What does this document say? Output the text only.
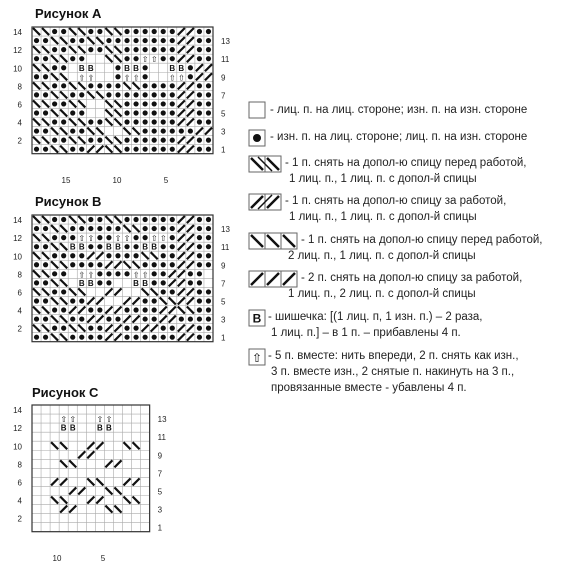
Рисунок А
Рисунок В
Рисунок С
⇧ ⇧
B B	B B	B B
⇧ ⇧	⇧ ⇧	⇧ ⇧
14
12
10
8
6
4
2
13
11
9
7
5
3
1
15	10	5
⇧ ⇧	⇧ ⇧	⇧ ⇧
B B	B B	B B
⇧ ⇧	⇧ ⇧
B B	B B
14
12
10
8
6
4
2
13
11
9
7
5
3
1
⇧ ⇧	⇧ ⇧
B B	B B
14
12
10
8
6
4
2
13
11
9
7
5
3
1
10	5
- лиц. п. на лиц. стороне; изн. п. на изн. стороне
- изн. п. на лиц. стороне; лиц. п. на изн. стороне
- 1 п. снять на допол-ю спицу перед работой,
1 лиц. п., 1 лиц. п. с допол-й спицы
- 1 п. снять на допол-ю спицу за работой,
1 лиц. п., 1 лиц. п. с допол-й спицы
- 1 п. снять на допол-ю спицу перед работой,
2 лиц. п., 1 лиц. п. с допол-й спицы
- 2 п. снять на допол-ю спицу за работой,
1 лиц. п., 2 лиц. п. с допол-й спицы
B - шишечка: [(1 лиц. п, 1 изн. п.) – 2 раза,
1 лиц. п.] – в 1 п. – прибавлены 4 п.
⇧ - 5 п. вместе: нить впереди, 2 п. снять как изн.,
3 п. вместе изн., 2 снятые п. накинуть на 3 п.,
провязанные вместе - убавлены 4 п.
